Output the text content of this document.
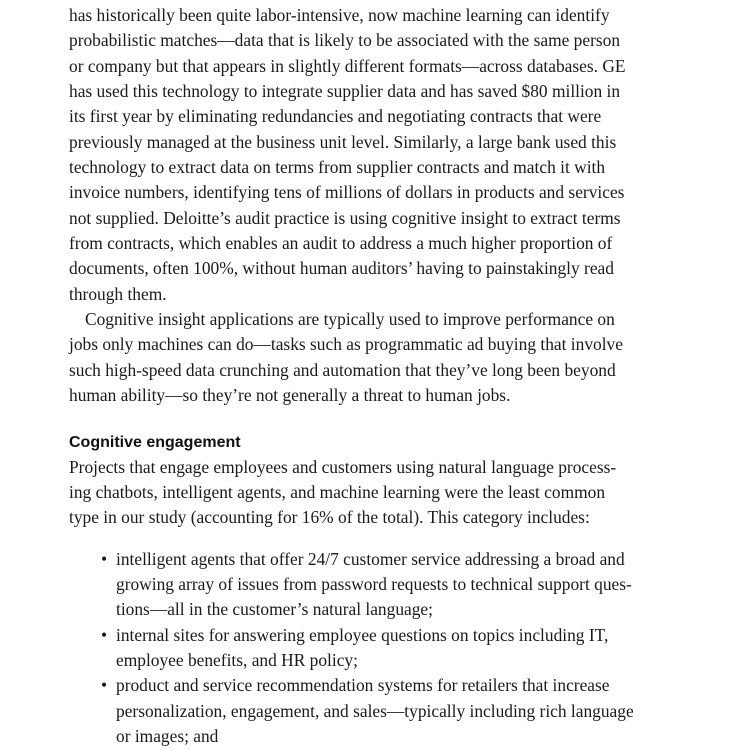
has historically been quite labor-intensive, now machine learning can identify
probabilistic matches—data that is likely to be associated with the same person
or company but that appears in slightly different formats—across databases. GE
has used this technology to integrate supplier data and has saved $80 million in
its first year by eliminating redundancies and negotiating contracts that were
previously managed at the business unit level. Similarly, a large bank used this
technology to extract data on terms from supplier contracts and match it with
invoice numbers, identifying tens of millions of dollars in products and services
not supplied. Deloitte’s audit practice is using cognitive insight to extract terms
from contracts, which enables an audit to address a much higher proportion of
documents, often 100%, without human auditors’ having to painstakingly read
through them.
Cognitive insight applications are typically used to improve performance on
jobs only machines can do—tasks such as programmatic ad buying that involve
such high-speed data crunching and automation that they’ve long been beyond
human ability—so they’re not generally a threat to human jobs.
Cognitive engagement
Projects that engage employees and customers using natural language process-
ing chatbots, intelligent agents, and machine learning were the least common
type in our study (accounting for 16% of the total). This category includes:
• intelligent agents that offer 24/7 customer service addressing a broad and
growing array of issues from password requests to technical support ques-
tions—all in the customer’s natural language;
• internal sites for answering employee questions on topics including IT,
employee benefits, and HR policy;
• product and service recommendation systems for retailers that increase
personalization, engagement, and sales—typically including rich language
or images; and
